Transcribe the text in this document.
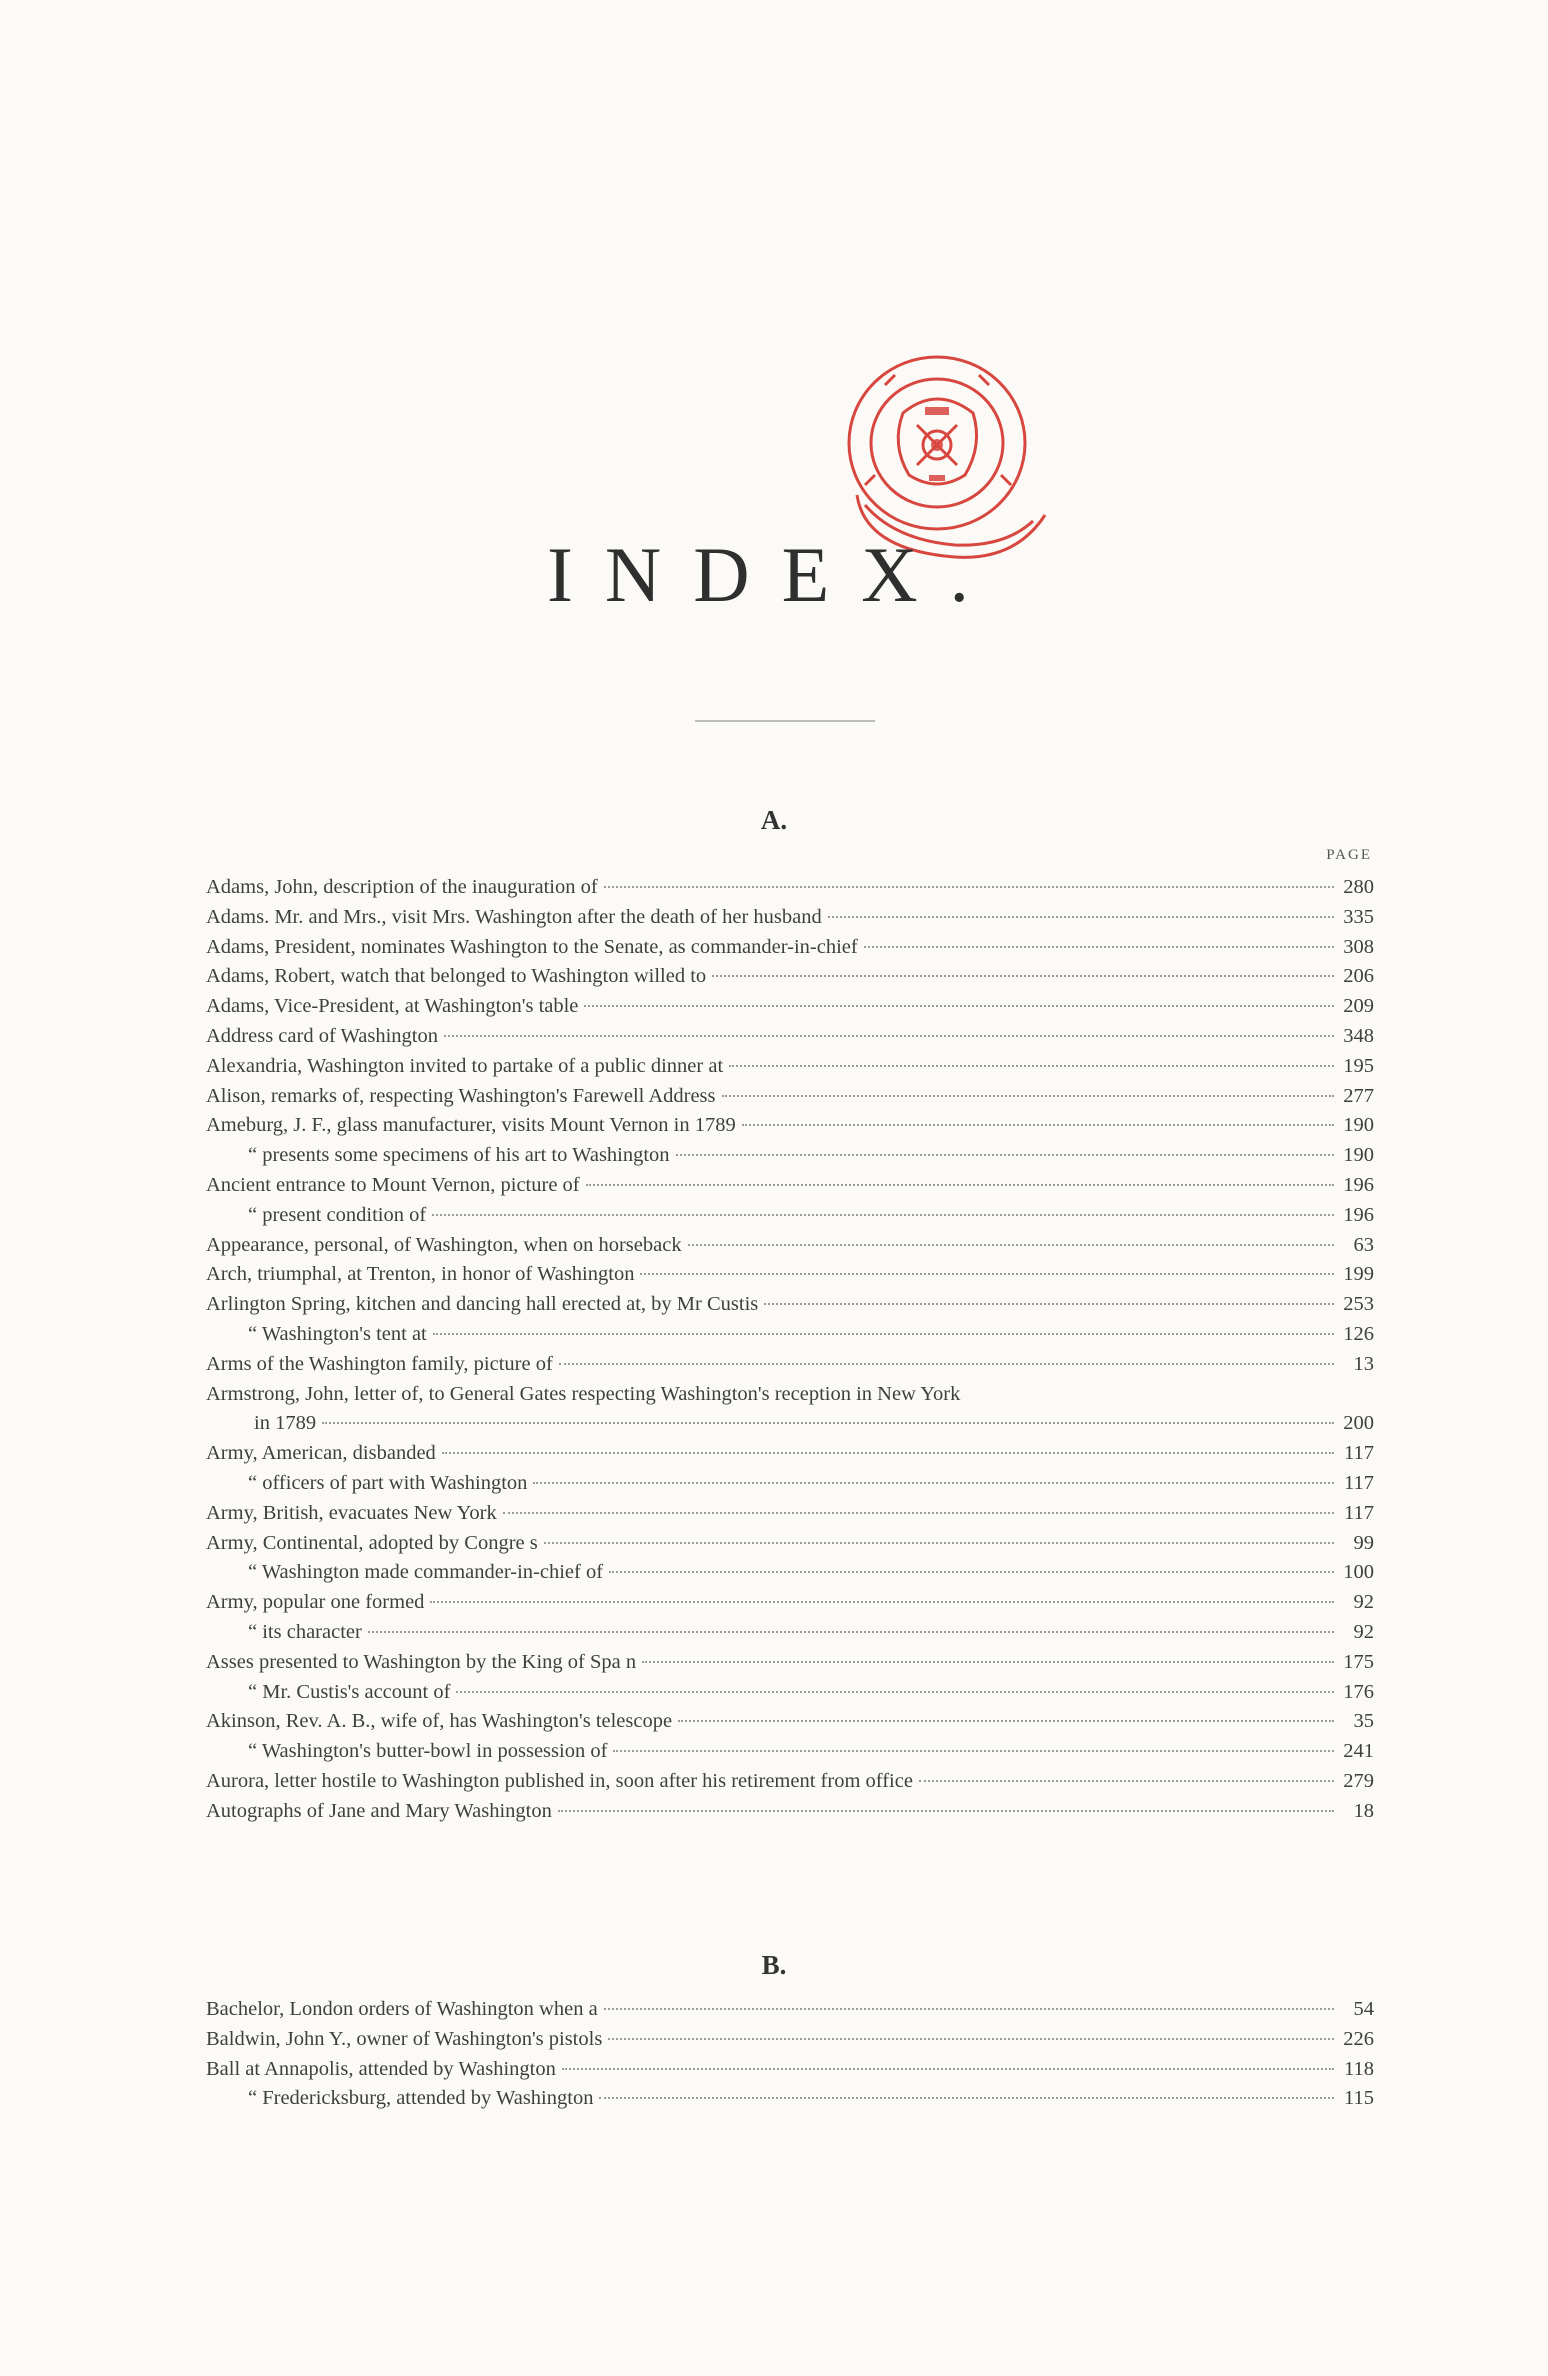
INDEX.
A.
PAGE
Adams, John, description of the inauguration of	280
Adams. Mr. and Mrs., visit Mrs. Washington after the death of her husband	335
Adams, President, nominates Washington to the Senate, as commander-in-chief	308
Adams, Robert, watch that belonged to Washington willed to	206
Adams, Vice-President, at Washington's table	209
Address card of Washington	348
Alexandria, Washington invited to partake of a public dinner at	195
Alison, remarks of, respecting Washington's Farewell Address	277
Ameburg, J. F., glass manufacturer, visits Mount Vernon in 1789	190
“ presents some specimens of his art to Washington	190
Ancient entrance to Mount Vernon, picture of	196
“ present condition of	196
Appearance, personal, of Washington, when on horseback	63
Arch, triumphal, at Trenton, in honor of Washington	199
Arlington Spring, kitchen and dancing hall erected at, by Mr Custis	253
“ Washington's tent at	126
Arms of the Washington family, picture of	13
Armstrong, John, letter of, to General Gates respecting Washington's reception in New York
in 1789	200
Army, American, disbanded	117
“ officers of part with Washington	117
Army, British, evacuates New York	117
Army, Continental, adopted by Congre s	99
“ Washington made commander-in-chief of	100
Army, popular one formed	92
“ its character	92
Asses presented to Washington by the King of Spa n	175
“ Mr. Custis's account of	176
Akinson, Rev. A. B., wife of, has Washington's telescope	35
“ Washington's butter-bowl in possession of	241
Aurora, letter hostile to Washington published in, soon after his retirement from office	279
Autographs of Jane and Mary Washington	18
B.
Bachelor, London orders of Washington when a	54
Baldwin, John Y., owner of Washington's pistols	226
Ball at Annapolis, attended by Washington	118
“ Fredericksburg, attended by Washington	115
